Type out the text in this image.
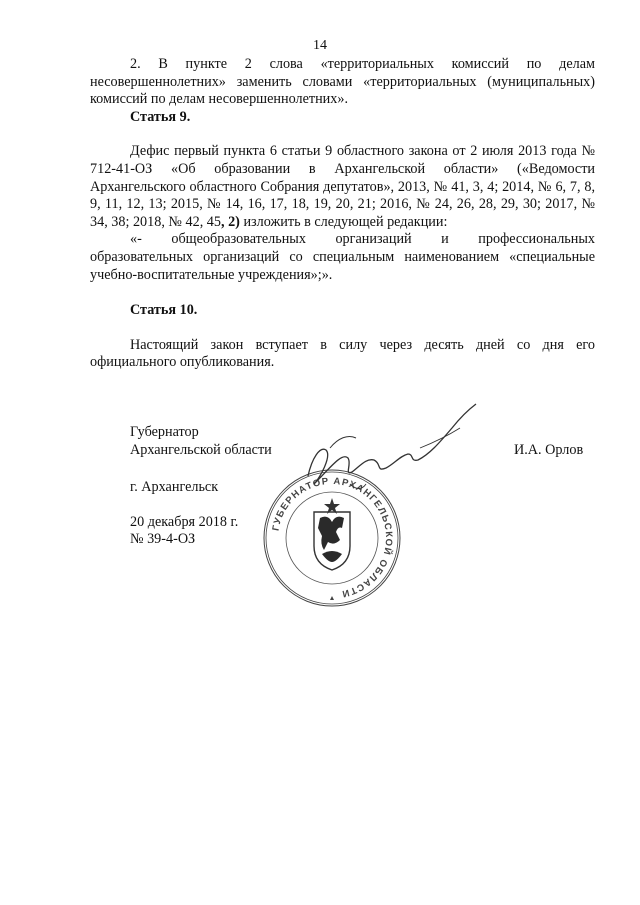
14

2. В пункте 2 слова «территориальных комиссий по делам несовершеннолетних» заменить словами «территориальных (муниципальных) комиссий по делам несовершеннолетних».

Статья 9.

Дефис первый пункта 6 статьи 9 областного закона от 2 июля 2013 года № 712-41-ОЗ «Об образовании в Архангельской области» («Ведомости Архангельского областного Собрания депутатов», 2013, № 41, 3, 4; 2014, № 6, 7, 8, 9, 11, 12, 13; 2015, № 14, 16, 17, 18, 19, 20, 21; 2016, № 24, 26, 28, 29, 30; 2017, № 34, 38; 2018, № 42, 45, 2) изложить в следующей редакции:

«- общеобразовательных организаций и профессиональных образовательных организаций со специальным наименованием «специальные учебно-воспитательные учреждения»;».

Статья 10.

Настоящий закон вступает в силу через десять дней со дня его официального опубликования.

ГУБЕРНАТОР АРХАНГЕЛЬСКОЙ ОБЛАСТИ
Губернатор
Архангельской области	И.А. Орлов
г. Архангельск
20 декабря 2018 г.
№ 39-4-ОЗ
